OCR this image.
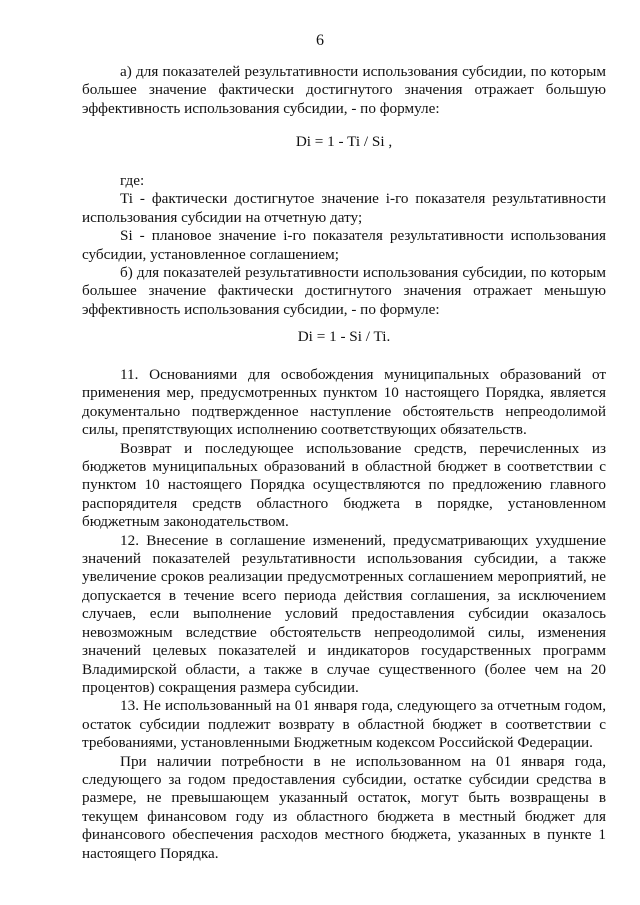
6

а) для показателей результативности использования субсидии, по которым большее значение фактически достигнутого значения отражает большую эффективность использования субсидии, - по формуле:

Di = 1 - Ti / Si ,

где:

Ti - фактически достигнутое значение i-го показателя результативности использования субсидии на отчетную дату;

Si - плановое значение i-го показателя результативности использования субсидии, установленное соглашением;

б) для показателей результативности использования субсидии, по которым большее значение фактически достигнутого значения отражает меньшую эффективность использования субсидии, - по формуле:

Di = 1 - Si / Ti.

11. Основаниями для освобождения муниципальных образований от применения мер, предусмотренных пунктом 10 настоящего Порядка, является документально подтвержденное наступление обстоятельств непреодолимой силы, препятствующих исполнению соответствующих обязательств.

Возврат и последующее использование средств, перечисленных из бюджетов муниципальных образований в областной бюджет в соответствии с пунктом 10 настоящего Порядка осуществляются по предложению главного распорядителя средств областного бюджета в порядке, установленном бюджетным законодательством.

12. Внесение в соглашение изменений, предусматривающих ухудшение значений показателей результативности использования субсидии, а также увеличение сроков реализации предусмотренных соглашением мероприятий, не допускается в течение всего периода действия соглашения, за исключением случаев, если выполнение условий предоставления субсидии оказалось невозможным вследствие обстоятельств непреодолимой силы, изменения значений целевых показателей и индикаторов государственных программ Владимирской области, а также в случае существенного (более чем на 20 процентов) сокращения размера субсидии.

13. Не использованный на 01 января года, следующего за отчетным годом, остаток субсидии подлежит возврату в областной бюджет в соответствии с требованиями, установленными Бюджетным кодексом Российской Федерации.

При наличии потребности в не использованном на 01 января года, следующего за годом предоставления субсидии, остатке субсидии средства в размере, не превышающем указанный остаток, могут быть возвращены в текущем финансовом году из областного бюджета в местный бюджет для финансового обеспечения расходов местного бюджета, указанных в пункте 1 настоящего Порядка.
